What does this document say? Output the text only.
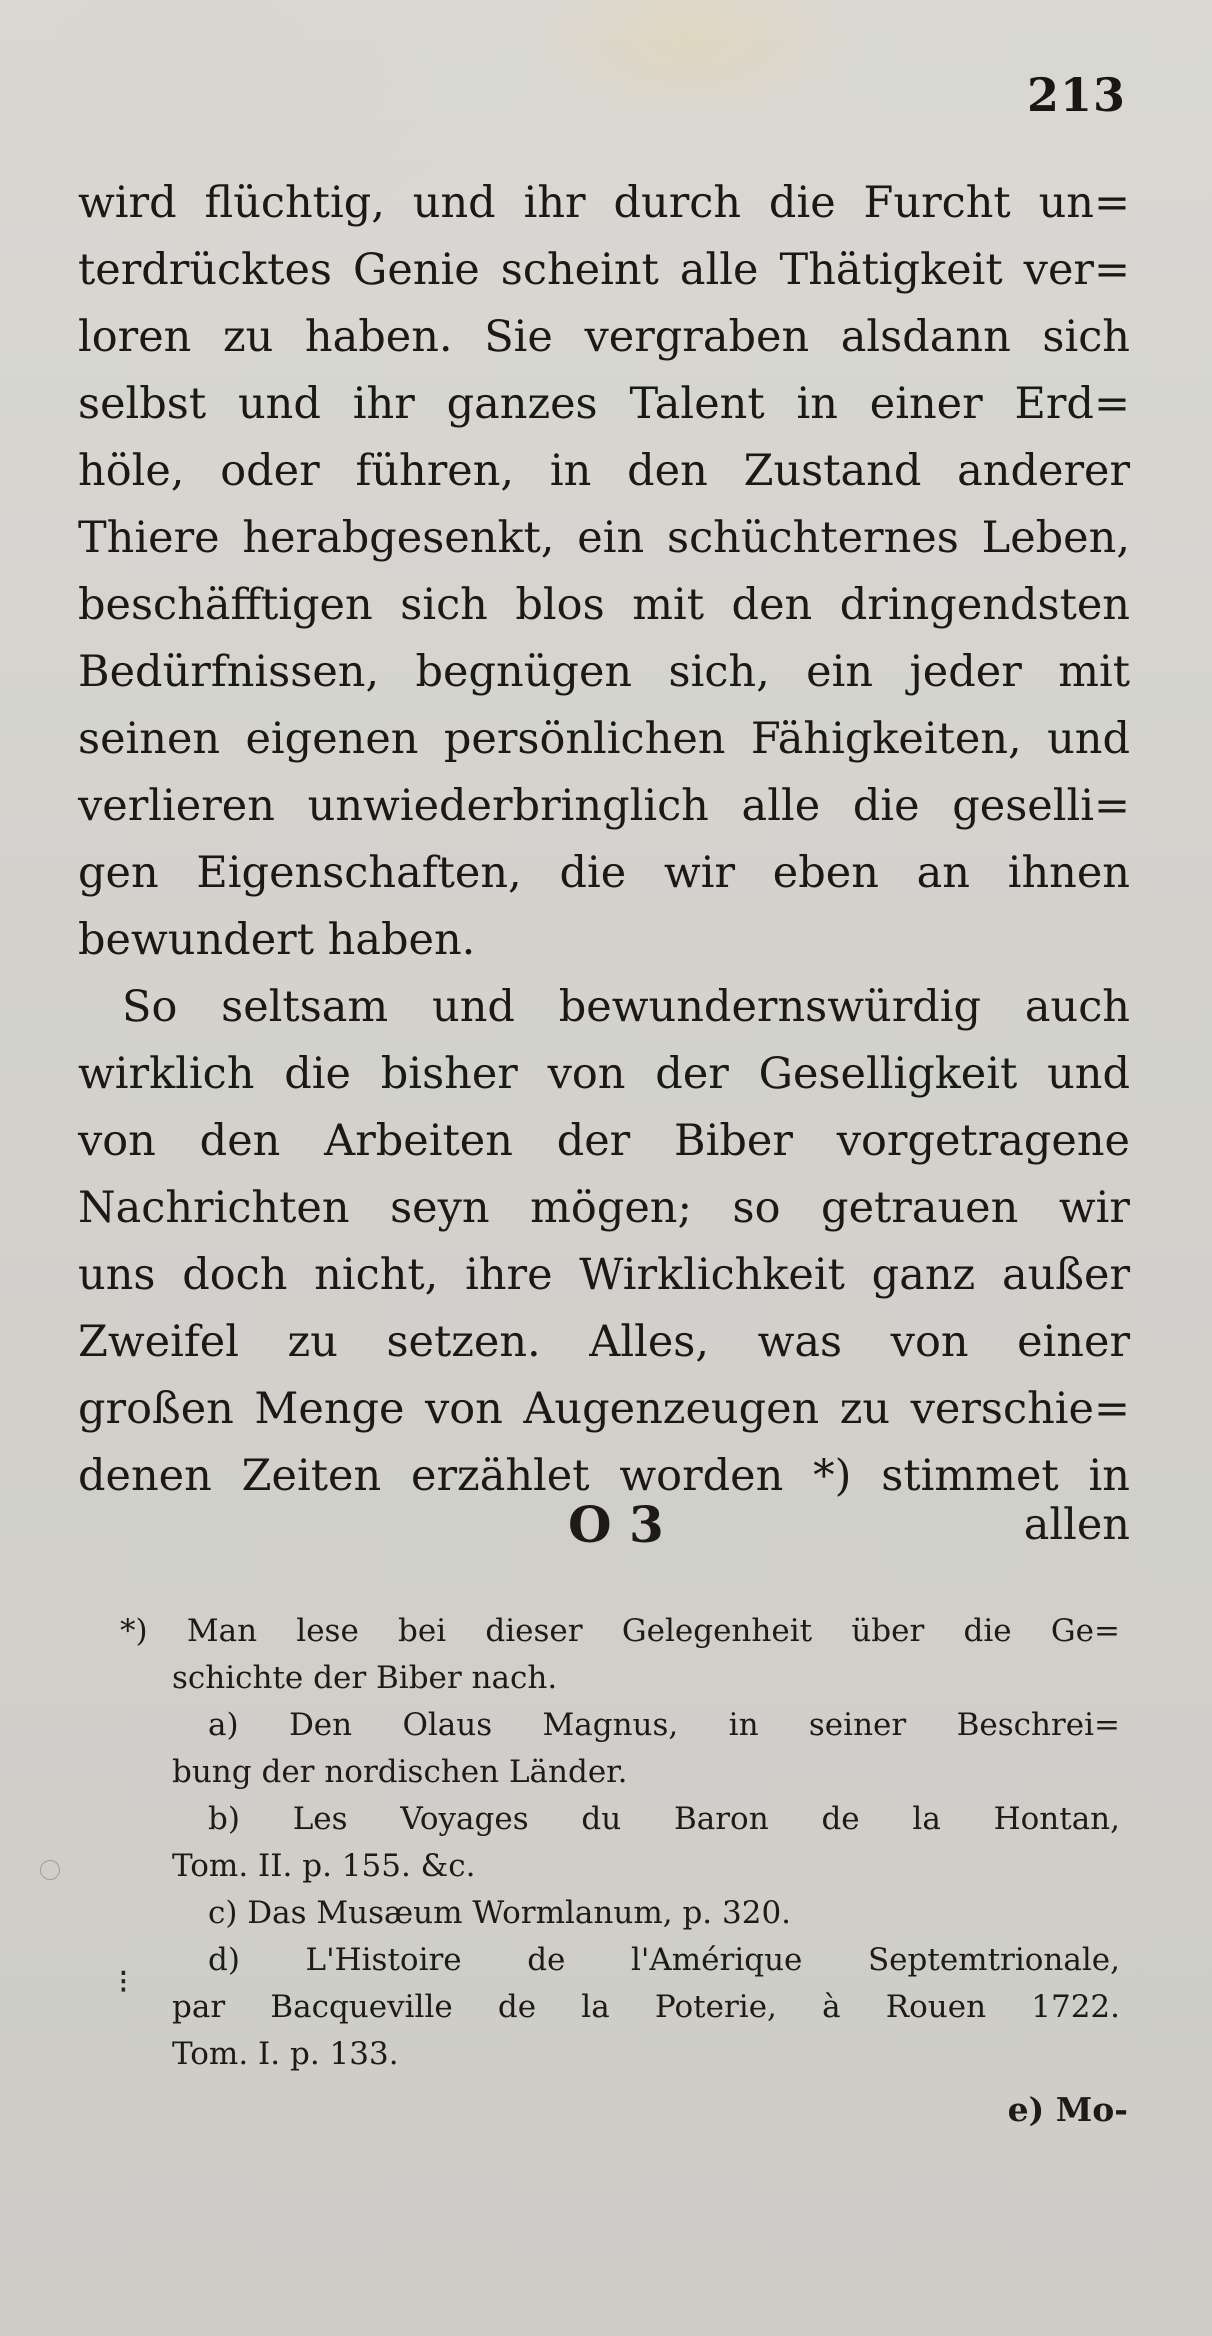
213
wird flüchtig, und ihr durch die Furcht un=
terdrücktes Genie scheint alle Thätigkeit ver=
loren zu haben. Sie vergraben alsdann sich
selbst und ihr ganzes Talent in einer Erd=
höle, oder führen, in den Zustand anderer
Thiere herabgesenkt, ein schüchternes Leben,
beschäfftigen sich blos mit den dringendsten
Bedürfnissen, begnügen sich, ein jeder mit
seinen eigenen persönlichen Fähigkeiten, und
verlieren unwiederbringlich alle die geselli=
gen Eigenschaften, die wir eben an ihnen
bewundert haben.
So seltsam und bewundernswürdig auch
wirklich die bisher von der Geselligkeit und
von den Arbeiten der Biber vorgetragene
Nachrichten seyn mögen; so getrauen wir
uns doch nicht, ihre Wirklichkeit ganz außer
Zweifel zu setzen. Alles, was von einer
großen Menge von Augenzeugen zu verschie=
denen Zeiten erzählet worden *) stimmet in
O 3	allen
*) Man lese bei dieser Gelegenheit über die Ge=
schichte der Biber nach.
a) Den Olaus Magnus, in seiner Beschrei=
bung der nordischen Länder.
b) Les Voyages du Baron de la Hontan,
Tom. II. p. 155. &c.
c) Das Musæum Wormlanum, p. 320.
d) L'Histoire de l'Amérique Septemtrionale,
par Bacqueville de la Poterie, à Rouen 1722.
Tom. I. p. 133.
e) Mo-
⁝
